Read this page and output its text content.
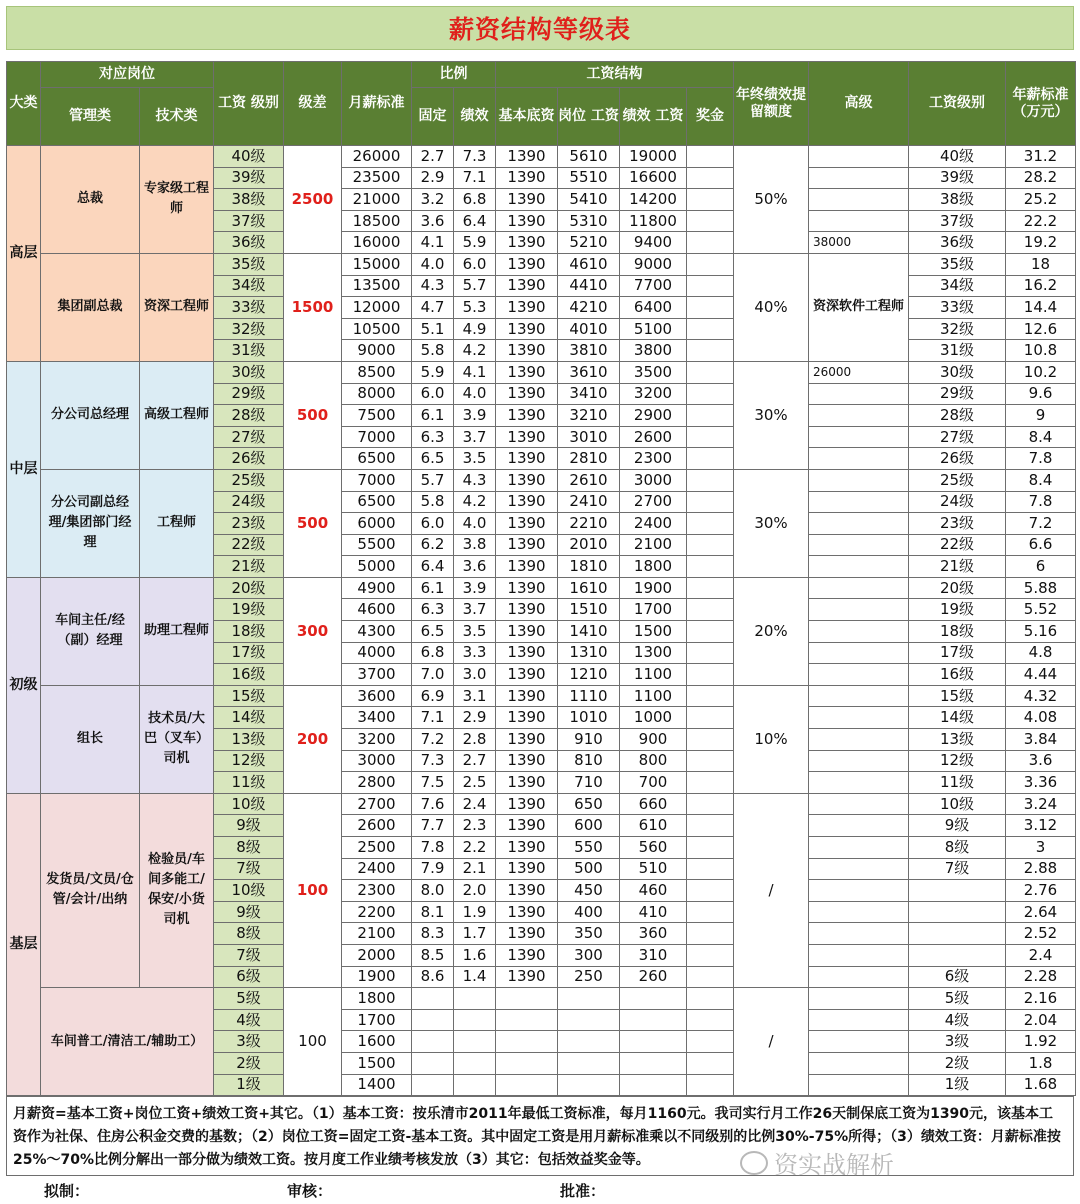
薪资结构等级表
大类	对应岗位		工资 级别	级差	月薪标准	比例		工资结构				年终绩效提留额度	高级	工资级别	年薪标准（万元）
	管理类	技术类				固定	绩效	基本底资	岗位 工资	绩效 工资	奖金				
高层	总裁	专家级工程师	40级	2500	26000	2.7	7.3	1390	5610	19000		50%		40级	31.2
			39级		23500	2.9	7.1	1390	5510	16600				39级	28.2
			38级		21000	3.2	6.8	1390	5410	14200				38级	25.2
			37级		18500	3.6	6.4	1390	5310	11800				37级	22.2
			36级		16000	4.1	5.9	1390	5210	9400			38000	36级	19.2
	集团副总裁	资深工程师	35级	1500	15000	4.0	6.0	1390	4610	9000		40%	资深软件工程师	35级	18
			34级		13500	4.3	5.7	1390	4410	7700				34级	16.2
			33级		12000	4.7	5.3	1390	4210	6400				33级	14.4
			32级		10500	5.1	4.9	1390	4010	5100				32级	12.6
			31级		9000	5.8	4.2	1390	3810	3800				31级	10.8
中层	分公司总经理	高级工程师	30级	500	8500	5.9	4.1	1390	3610	3500		30%	26000	30级	10.2
			29级		8000	6.0	4.0	1390	3410	3200				29级	9.6
			28级		7500	6.1	3.9	1390	3210	2900				28级	9
			27级		7000	6.3	3.7	1390	3010	2600				27级	8.4
			26级		6500	6.5	3.5	1390	2810	2300				26级	7.8
	分公司副总经理/集团部门经理	工程师	25级	500	7000	5.7	4.3	1390	2610	3000		30%		25级	8.4
			24级		6500	5.8	4.2	1390	2410	2700				24级	7.8
			23级		6000	6.0	4.0	1390	2210	2400				23级	7.2
			22级		5500	6.2	3.8	1390	2010	2100				22级	6.6
			21级		5000	6.4	3.6	1390	1810	1800				21级	6
初级	车间主任/经（副）经理	助理工程师	20级	300	4900	6.1	3.9	1390	1610	1900		20%		20级	5.88
			19级		4600	6.3	3.7	1390	1510	1700				19级	5.52
			18级		4300	6.5	3.5	1390	1410	1500				18级	5.16
			17级		4000	6.8	3.3	1390	1310	1300				17级	4.8
			16级		3700	7.0	3.0	1390	1210	1100				16级	4.44
	组长	技术员/大巴（叉车）司机	15级	200	3600	6.9	3.1	1390	1110	1100		10%		15级	4.32
			14级		3400	7.1	2.9	1390	1010	1000				14级	4.08
			13级		3200	7.2	2.8	1390	910	900				13级	3.84
			12级		3000	7.3	2.7	1390	810	800				12级	3.6
			11级		2800	7.5	2.5	1390	710	700				11级	3.36
基层	发货员/文员/仓管/会计/出纳	检验员/车间多能工/保安/小货司机	10级	100	2700	7.6	2.4	1390	650	660		/		10级	3.24
			9级		2600	7.7	2.3	1390	600	610				9级	3.12
			8级		2500	7.8	2.2	1390	550	560				8级	3
			7级		2400	7.9	2.1	1390	500	510				7级	2.88
			10级		2300	8.0	2.0	1390	450	460					2.76
			9级		2200	8.1	1.9	1390	400	410					2.64
			8级		2100	8.3	1.7	1390	350	360					2.52
			7级		2000	8.5	1.6	1390	300	310					2.4
			6级		1900	8.6	1.4	1390	250	260				6级	2.28
	车间普工/清洁工/辅助工）		5级	100	1800							/		5级	2.16
			4级		1700									4级	2.04
			3级		1600									3级	1.92
			2级		1500									2级	1.8
			1级		1400									1级	1.68
月薪资=基本工资+岗位工资+绩效工资+其它。（1）基本工资：按乐清市2011年最低工资标准，每月1160元。我司实行月工作26天制保底工资为1390元，该基本工资作为社保、住房公积金交费的基数；（2）岗位工资=固定工资-基本工资。其中固定工资是用月薪标准乘以不同级别的比例30%-75%所得；（3）绩效工资：月薪标准按25%～70%比例分解出一部分做为绩效工资。按月度工作业绩考核发放（3）其它：包括效益奖金等。
拟制：	审核：	批准：
资实战解析
